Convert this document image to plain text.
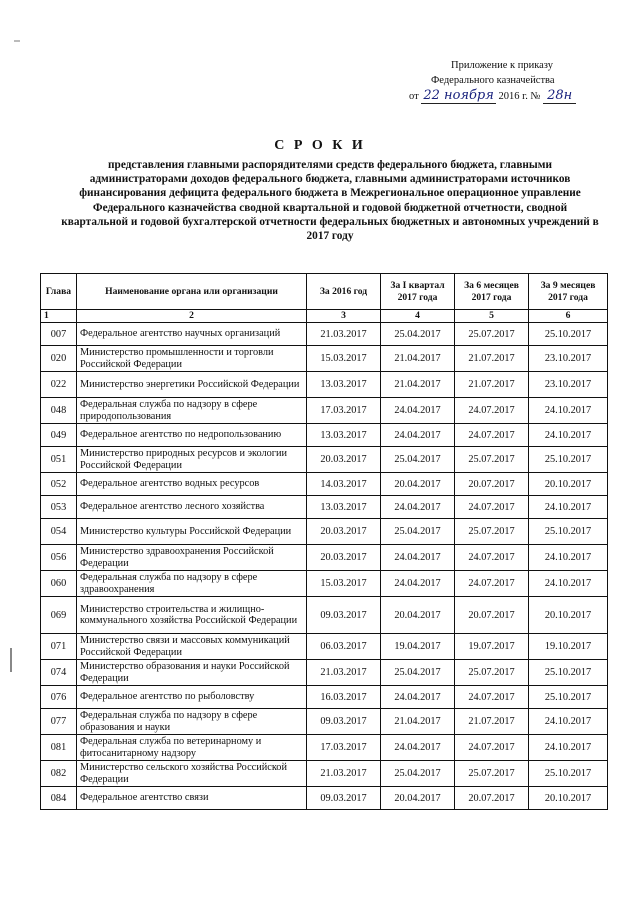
Приложение к приказу
Федерального казначейства
от 22 ноября 2016 г. № 28н
С Р О К И
представления главными распорядителями средств федерального бюджета, главными администраторами доходов федерального бюджета, главными администраторами источников финансирования дефицита федерального бюджета в Межрегиональное операционное управление Федерального казначейства сводной квартальной и годовой бюджетной отчетности, сводной квартальной и годовой бухгалтерской отчетности федеральных бюджетных и автономных учреждений в 2017 году
Глава	Наименование органа или организации	За 2016 год	За I квартал 2017 года	За 6 месяцев 2017 года	За 9 месяцев 2017 года
1	2	3	4	5	6
007	Федеральное агентство научных организаций	21.03.2017	25.04.2017	25.07.2017	25.10.2017
020	Министерство промышленности и торговли Российской Федерации	15.03.2017	21.04.2017	21.07.2017	23.10.2017
022	Министерство энергетики Российской Федерации	13.03.2017	21.04.2017	21.07.2017	23.10.2017
048	Федеральная служба по надзору в сфере природопользования	17.03.2017	24.04.2017	24.07.2017	24.10.2017
049	Федеральное агентство по недропользованию	13.03.2017	24.04.2017	24.07.2017	24.10.2017
051	Министерство природных ресурсов и экологии Российской Федерации	20.03.2017	25.04.2017	25.07.2017	25.10.2017
052	Федеральное агентство водных ресурсов	14.03.2017	20.04.2017	20.07.2017	20.10.2017
053	Федеральное агентство лесного хозяйства	13.03.2017	24.04.2017	24.07.2017	24.10.2017
054	Министерство культуры Российской Федерации	20.03.2017	25.04.2017	25.07.2017	25.10.2017
056	Министерство здравоохранения Российской Федерации	20.03.2017	24.04.2017	24.07.2017	24.10.2017
060	Федеральная служба по надзору в сфере здравоохранения	15.03.2017	24.04.2017	24.07.2017	24.10.2017
069	Министерство строительства и жилищно-коммунального хозяйства Российской Федерации	09.03.2017	20.04.2017	20.07.2017	20.10.2017
071	Министерство связи и массовых коммуникаций Российской Федерации	06.03.2017	19.04.2017	19.07.2017	19.10.2017
074	Министерство образования и науки Российской Федерации	21.03.2017	25.04.2017	25.07.2017	25.10.2017
076	Федеральное агентство по рыболовству	16.03.2017	24.04.2017	24.07.2017	25.10.2017
077	Федеральная служба по надзору в сфере образования и науки	09.03.2017	21.04.2017	21.07.2017	24.10.2017
081	Федеральная служба по ветеринарному и фитосанитарному надзору	17.03.2017	24.04.2017	24.07.2017	24.10.2017
082	Министерство сельского хозяйства Российской Федерации	21.03.2017	25.04.2017	25.07.2017	25.10.2017
084	Федеральное агентство связи	09.03.2017	20.04.2017	20.07.2017	20.10.2017
